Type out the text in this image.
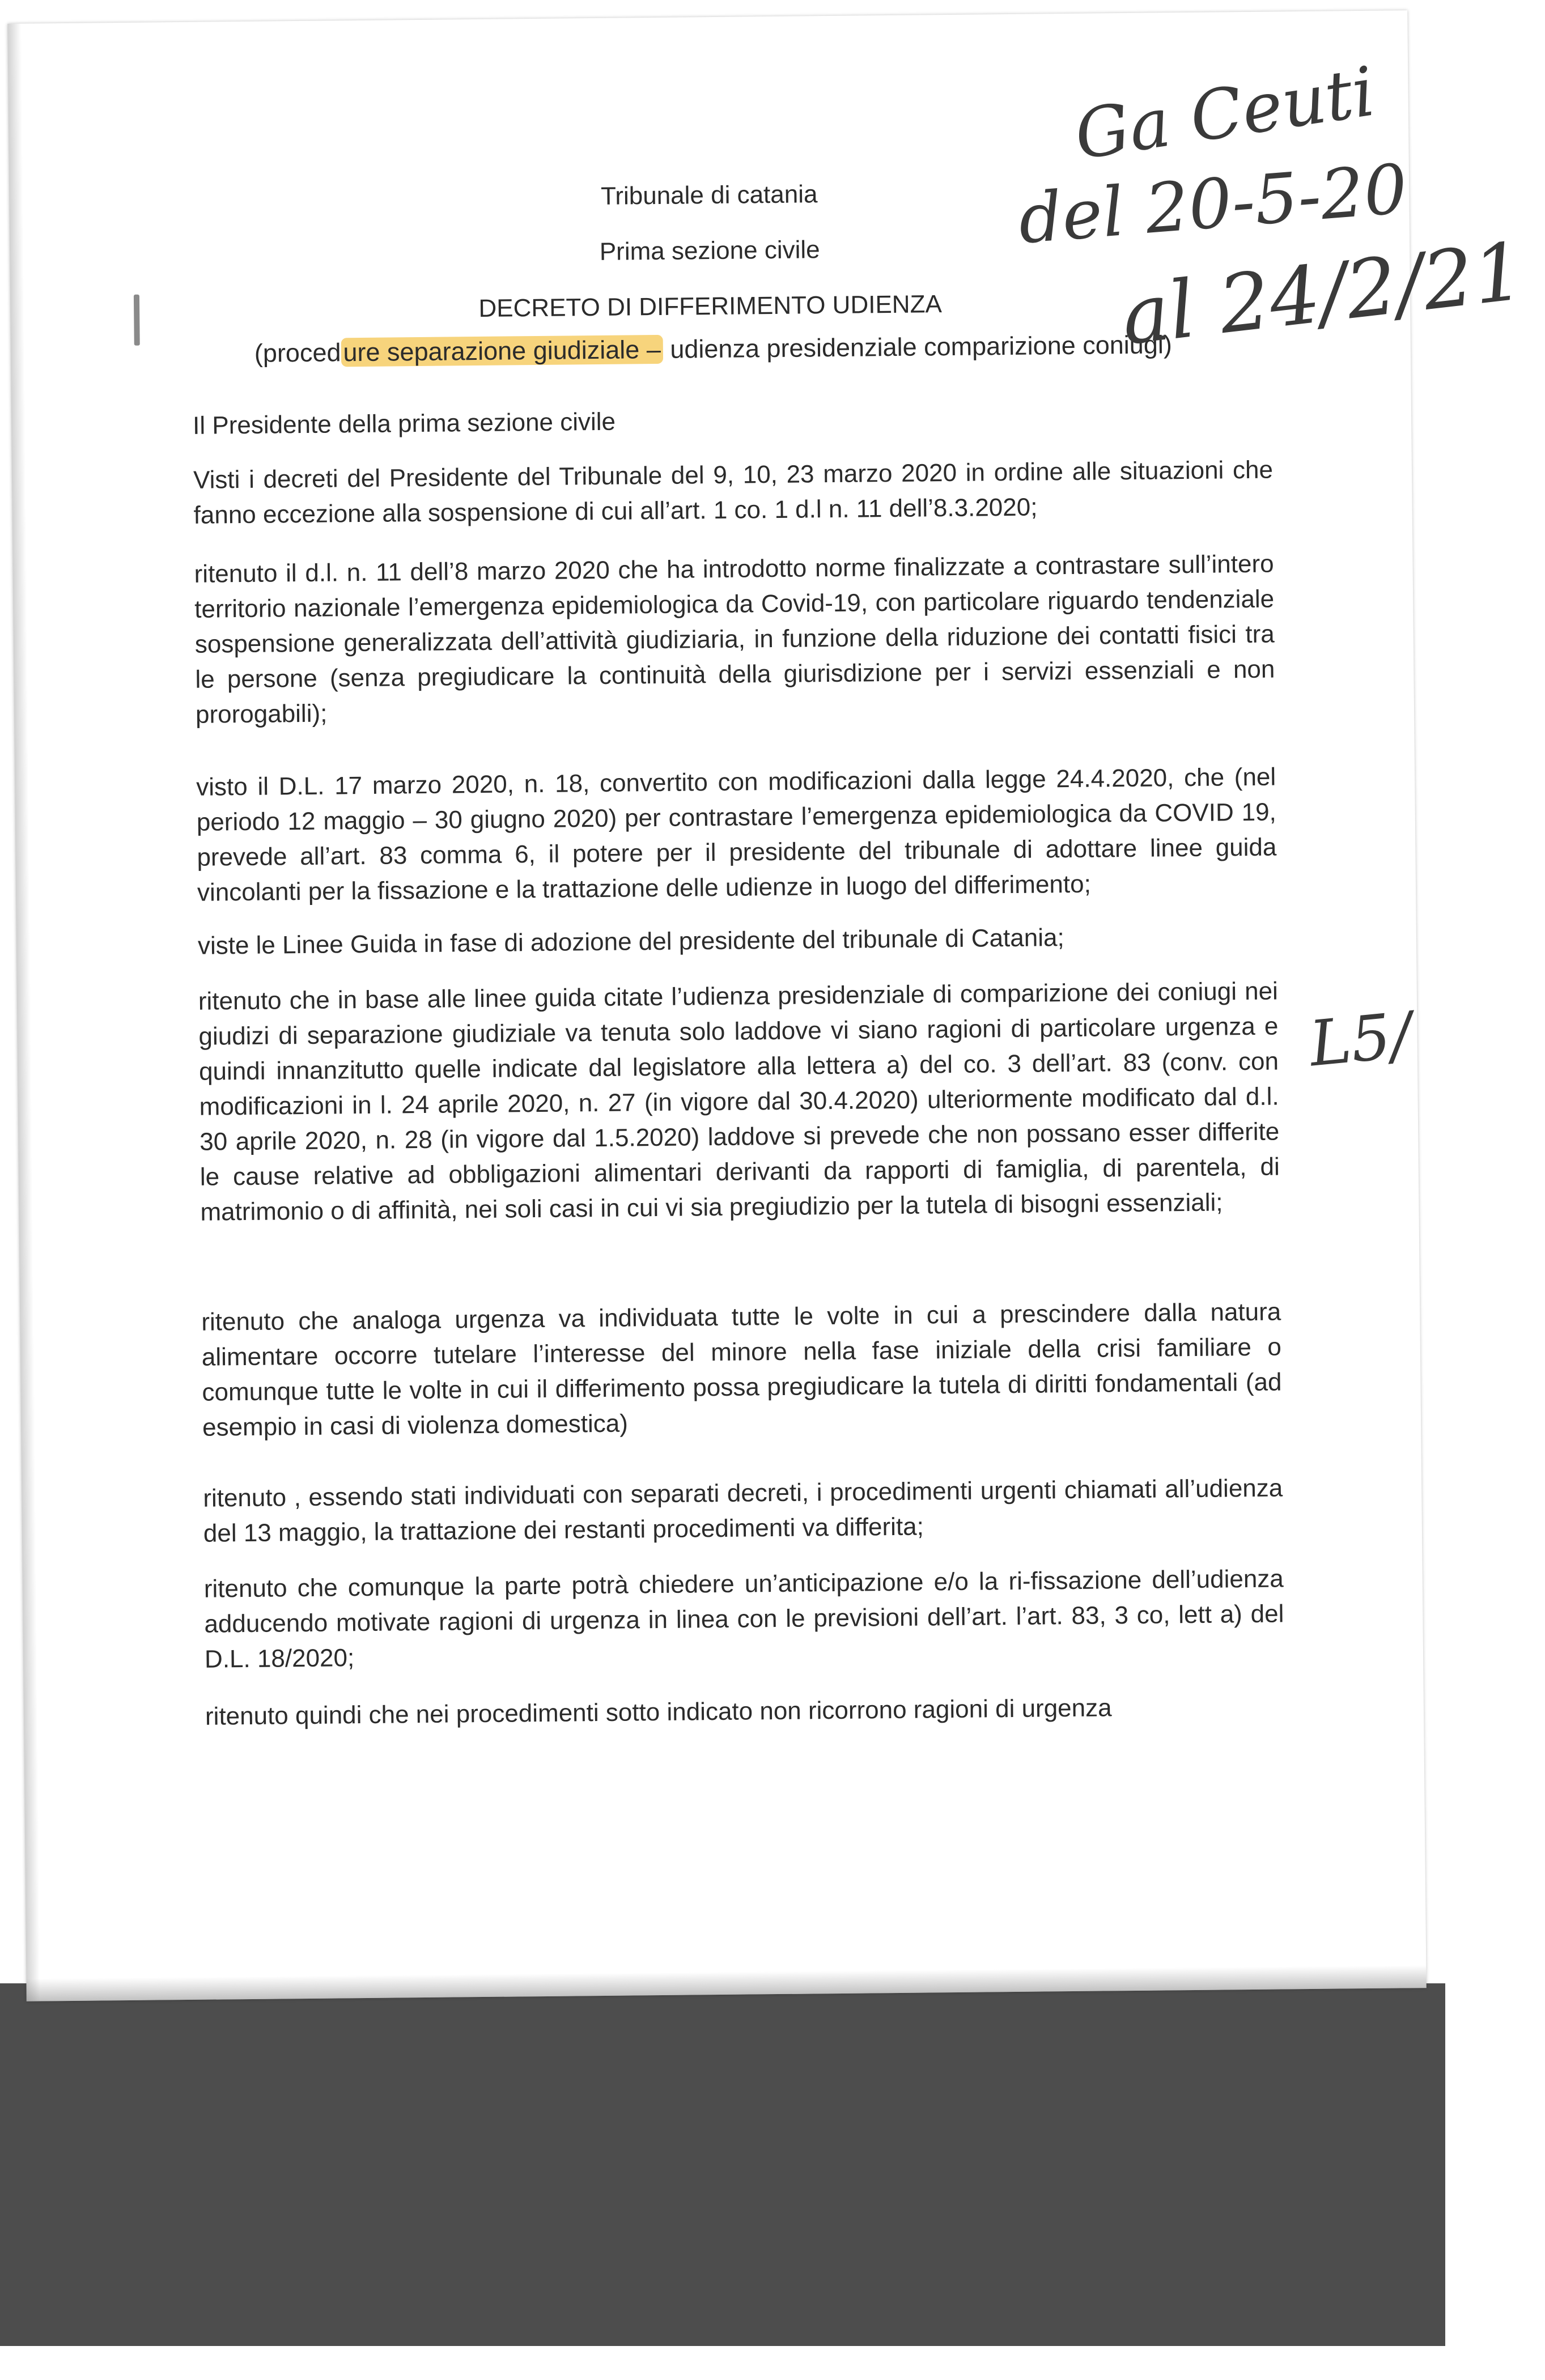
Tribunale di catania
Prima sezione civile
DECRETO DI DIFFERIMENTO UDIENZA
(procedure separazione giudiziale – udienza presidenziale comparizione coniugi)
Il Presidente della prima sezione civile
Visti i decreti del Presidente del Tribunale del 9, 10, 23 marzo 2020 in ordine alle situazioni che fanno eccezione alla sospensione di cui all’art. 1 co. 1 d.l n. 11 dell’8.3.2020;
ritenuto il d.l. n. 11 dell’8 marzo 2020 che ha introdotto norme finalizzate a contrastare sull’intero territorio nazionale l’emergenza epidemiologica da Covid-19, con particolare riguardo tendenziale sospensione generalizzata dell’attività giudiziaria, in funzione della riduzione dei contatti fisici tra le persone (senza pregiudicare la continuità della giurisdizione per i servizi essenziali e non prorogabili);
visto il D.L. 17 marzo 2020, n. 18, convertito con modificazioni dalla legge 24.4.2020, che (nel periodo 12 maggio – 30 giugno 2020) per contrastare l’emergenza epidemiologica da COVID 19, prevede all’art. 83 comma 6, il potere per il presidente del tribunale di adottare linee guida vincolanti per la fissazione e la trattazione delle udienze in luogo del differimento;
viste le Linee Guida in fase di adozione del presidente del tribunale di Catania;
ritenuto che in base alle linee guida citate l’udienza presidenziale di comparizione dei coniugi nei giudizi di separazione giudiziale va tenuta solo laddove vi siano ragioni di particolare urgenza e quindi innanzitutto quelle indicate dal legislatore alla lettera a) del co. 3 dell’art. 83 (conv. con modificazioni in l. 24 aprile 2020, n. 27 (in vigore dal 30.4.2020) ulteriormente modificato dal d.l. 30 aprile 2020, n. 28 (in vigore dal 1.5.2020) laddove si prevede che non possano esser differite le cause relative ad obbligazioni alimentari derivanti da rapporti di famiglia, di parentela, di matrimonio o di affinità, nei soli casi in cui vi sia pregiudizio per la tutela di bisogni essenziali;
ritenuto che analoga urgenza va individuata tutte le volte in cui a prescindere dalla natura alimentare occorre tutelare l’interesse del minore nella fase iniziale della crisi familiare o comunque tutte le volte in cui il differimento possa pregiudicare la tutela di diritti fondamentali (ad esempio in casi di violenza domestica)
ritenuto , essendo stati individuati con separati decreti, i procedimenti urgenti chiamati all’udienza del 13 maggio, la trattazione dei restanti procedimenti va differita;
ritenuto che comunque la parte potrà chiedere un’anticipazione e/o la ri-fissazione dell’udienza adducendo motivate ragioni di urgenza in linea con le previsioni dell’art. l’art. 83, 3 co, lett a) del D.L. 18/2020;
ritenuto quindi che nei procedimenti sotto indicato non ricorrono ragioni di urgenza
Ga Ceuti
del 20-5-20
al 24/2/21
L5/
